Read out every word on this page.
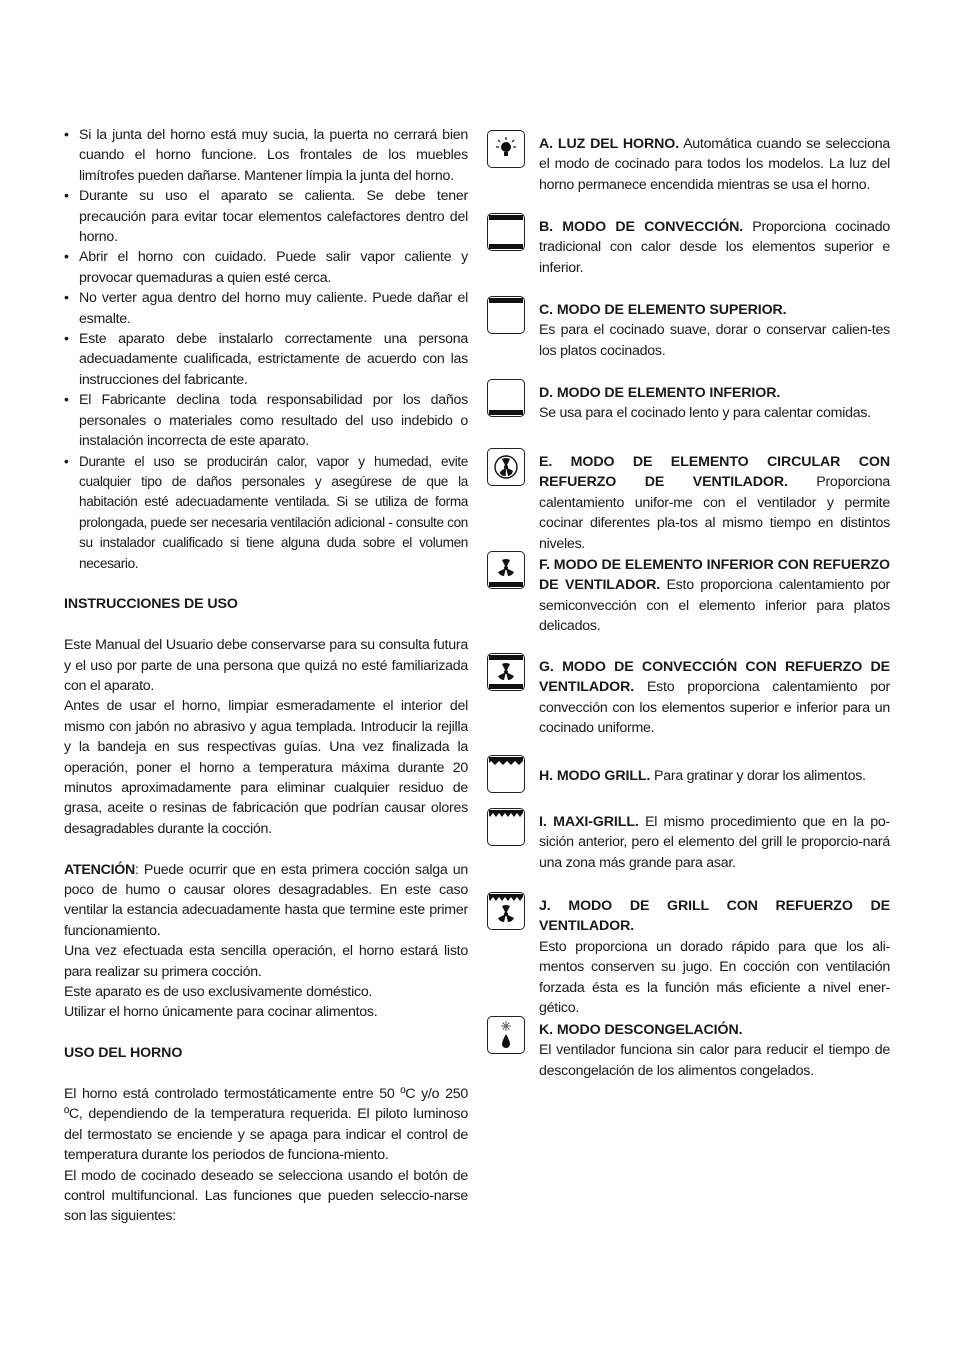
• Si la junta del horno está muy sucia, la puerta no cerrará bien cuando el horno funcione. Los frontales de los muebles limítrofes pueden dañarse. Mantener límpia la junta del horno.
• Durante su uso el aparato se calienta. Se debe tener precaución para evitar tocar elementos calefactores dentro del horno.
• Abrir el horno con cuidado. Puede salir vapor caliente y provocar quemaduras a quien esté cerca.
• No verter agua dentro del horno muy caliente. Puede dañar el esmalte.
• Este aparato debe instalarlo correctamente una persona adecuadamente cualificada, estrictamente de acuerdo con las instrucciones del fabricante.
• El Fabricante declina toda responsabilidad por los daños personales o materiales como resultado del uso indebido o instalación incorrecta de este aparato.
• Durante el uso se producirán calor, vapor y humedad, evite cualquier tipo de daños personales y asegúrese de que la habitación esté adecuadamente ventilada. Si se utiliza de forma prolongada, puede ser necesaria ventilación adicional - consulte con su instalador cualificado si tiene alguna duda sobre el volumen necesario.
INSTRUCCIONES DE USO

Este Manual del Usuario debe conservarse para su consulta futura y el uso por parte de una persona que quizá no esté familiarizada con el aparato.

Antes de usar el horno, limpiar esmeradamente el interior del mismo con jabón no abrasivo y agua templada. Introducir la rejilla y la bandeja en sus respectivas guías. Una vez finalizada la operación, poner el horno a temperatura máxima durante 20 minutos aproximadamente para eliminar cualquier residuo de grasa, aceite o resinas de fabricación que podrían causar olores desagradables durante la cocción.

ATENCIÓN: Puede ocurrir que en esta primera cocción salga un poco de humo o causar olores desagradables. En este caso ventilar la estancia adecuadamente hasta que termine este primer funcionamiento.

Una vez efectuada esta sencilla operación, el horno estará listo para realizar su primera cocción.

Este aparato es de uso exclusivamente doméstico.

Utilizar el horno únicamente para cocinar alimentos.

USO DEL HORNO

El horno está controlado termostáticamente entre 50 ºC y/o 250 ºC, dependiendo de la temperatura requerida. El piloto luminoso del termostato se enciende y se apaga para indicar el control de temperatura durante los periodos de funciona-miento.

El modo de cocinado deseado se selecciona usando el botón de control multifuncional. Las funciones que pueden seleccio-narse son las siguientes:

A. LUZ DEL HORNO. Automática cuando se selecciona el modo de cocinado para todos los modelos. La luz del horno permanece encendida mientras se usa el horno.
B. MODO DE CONVECCIÓN. Proporciona cocinado tradicional con calor desde los elementos superior e inferior.
C. MODO DE ELEMENTO SUPERIOR.
Es para el cocinado suave, dorar o conservar calien-tes los platos cocinados.
D. MODO DE ELEMENTO INFERIOR.
Se usa para el cocinado lento y para calentar comidas.
E. MODO DE ELEMENTO CIRCULAR CON REFUERZO DE VENTILADOR. Proporciona calentamiento unifor-me con el ventilador y permite cocinar diferentes pla-tos al mismo tiempo en distintos niveles.
F. MODO DE ELEMENTO INFERIOR CON REFUERZO DE VENTILADOR. Esto proporciona calentamiento por semiconvección con el elemento inferior para platos delicados.
G. MODO DE CONVECCIÓN CON REFUERZO DE VENTILADOR. Esto proporciona calentamiento por convección con los elementos superior e inferior para un cocinado uniforme.
H. MODO GRILL. Para gratinar y dorar los alimentos.
I. MAXI-GRILL. El mismo procedimiento que en la po-sición anterior, pero el elemento del grill le proporcio-nará una zona más grande para asar.
J. MODO DE GRILL CON REFUERZO DE VENTILADOR.
Esto proporciona un dorado rápido para que los ali-mentos conserven su jugo. En cocción con ventilación forzada ésta es la función más eficiente a nivel ener-gético.
K. MODO DESCONGELACIÓN.
El ventilador funciona sin calor para reducir el tiempo de descongelación de los alimentos congelados.
